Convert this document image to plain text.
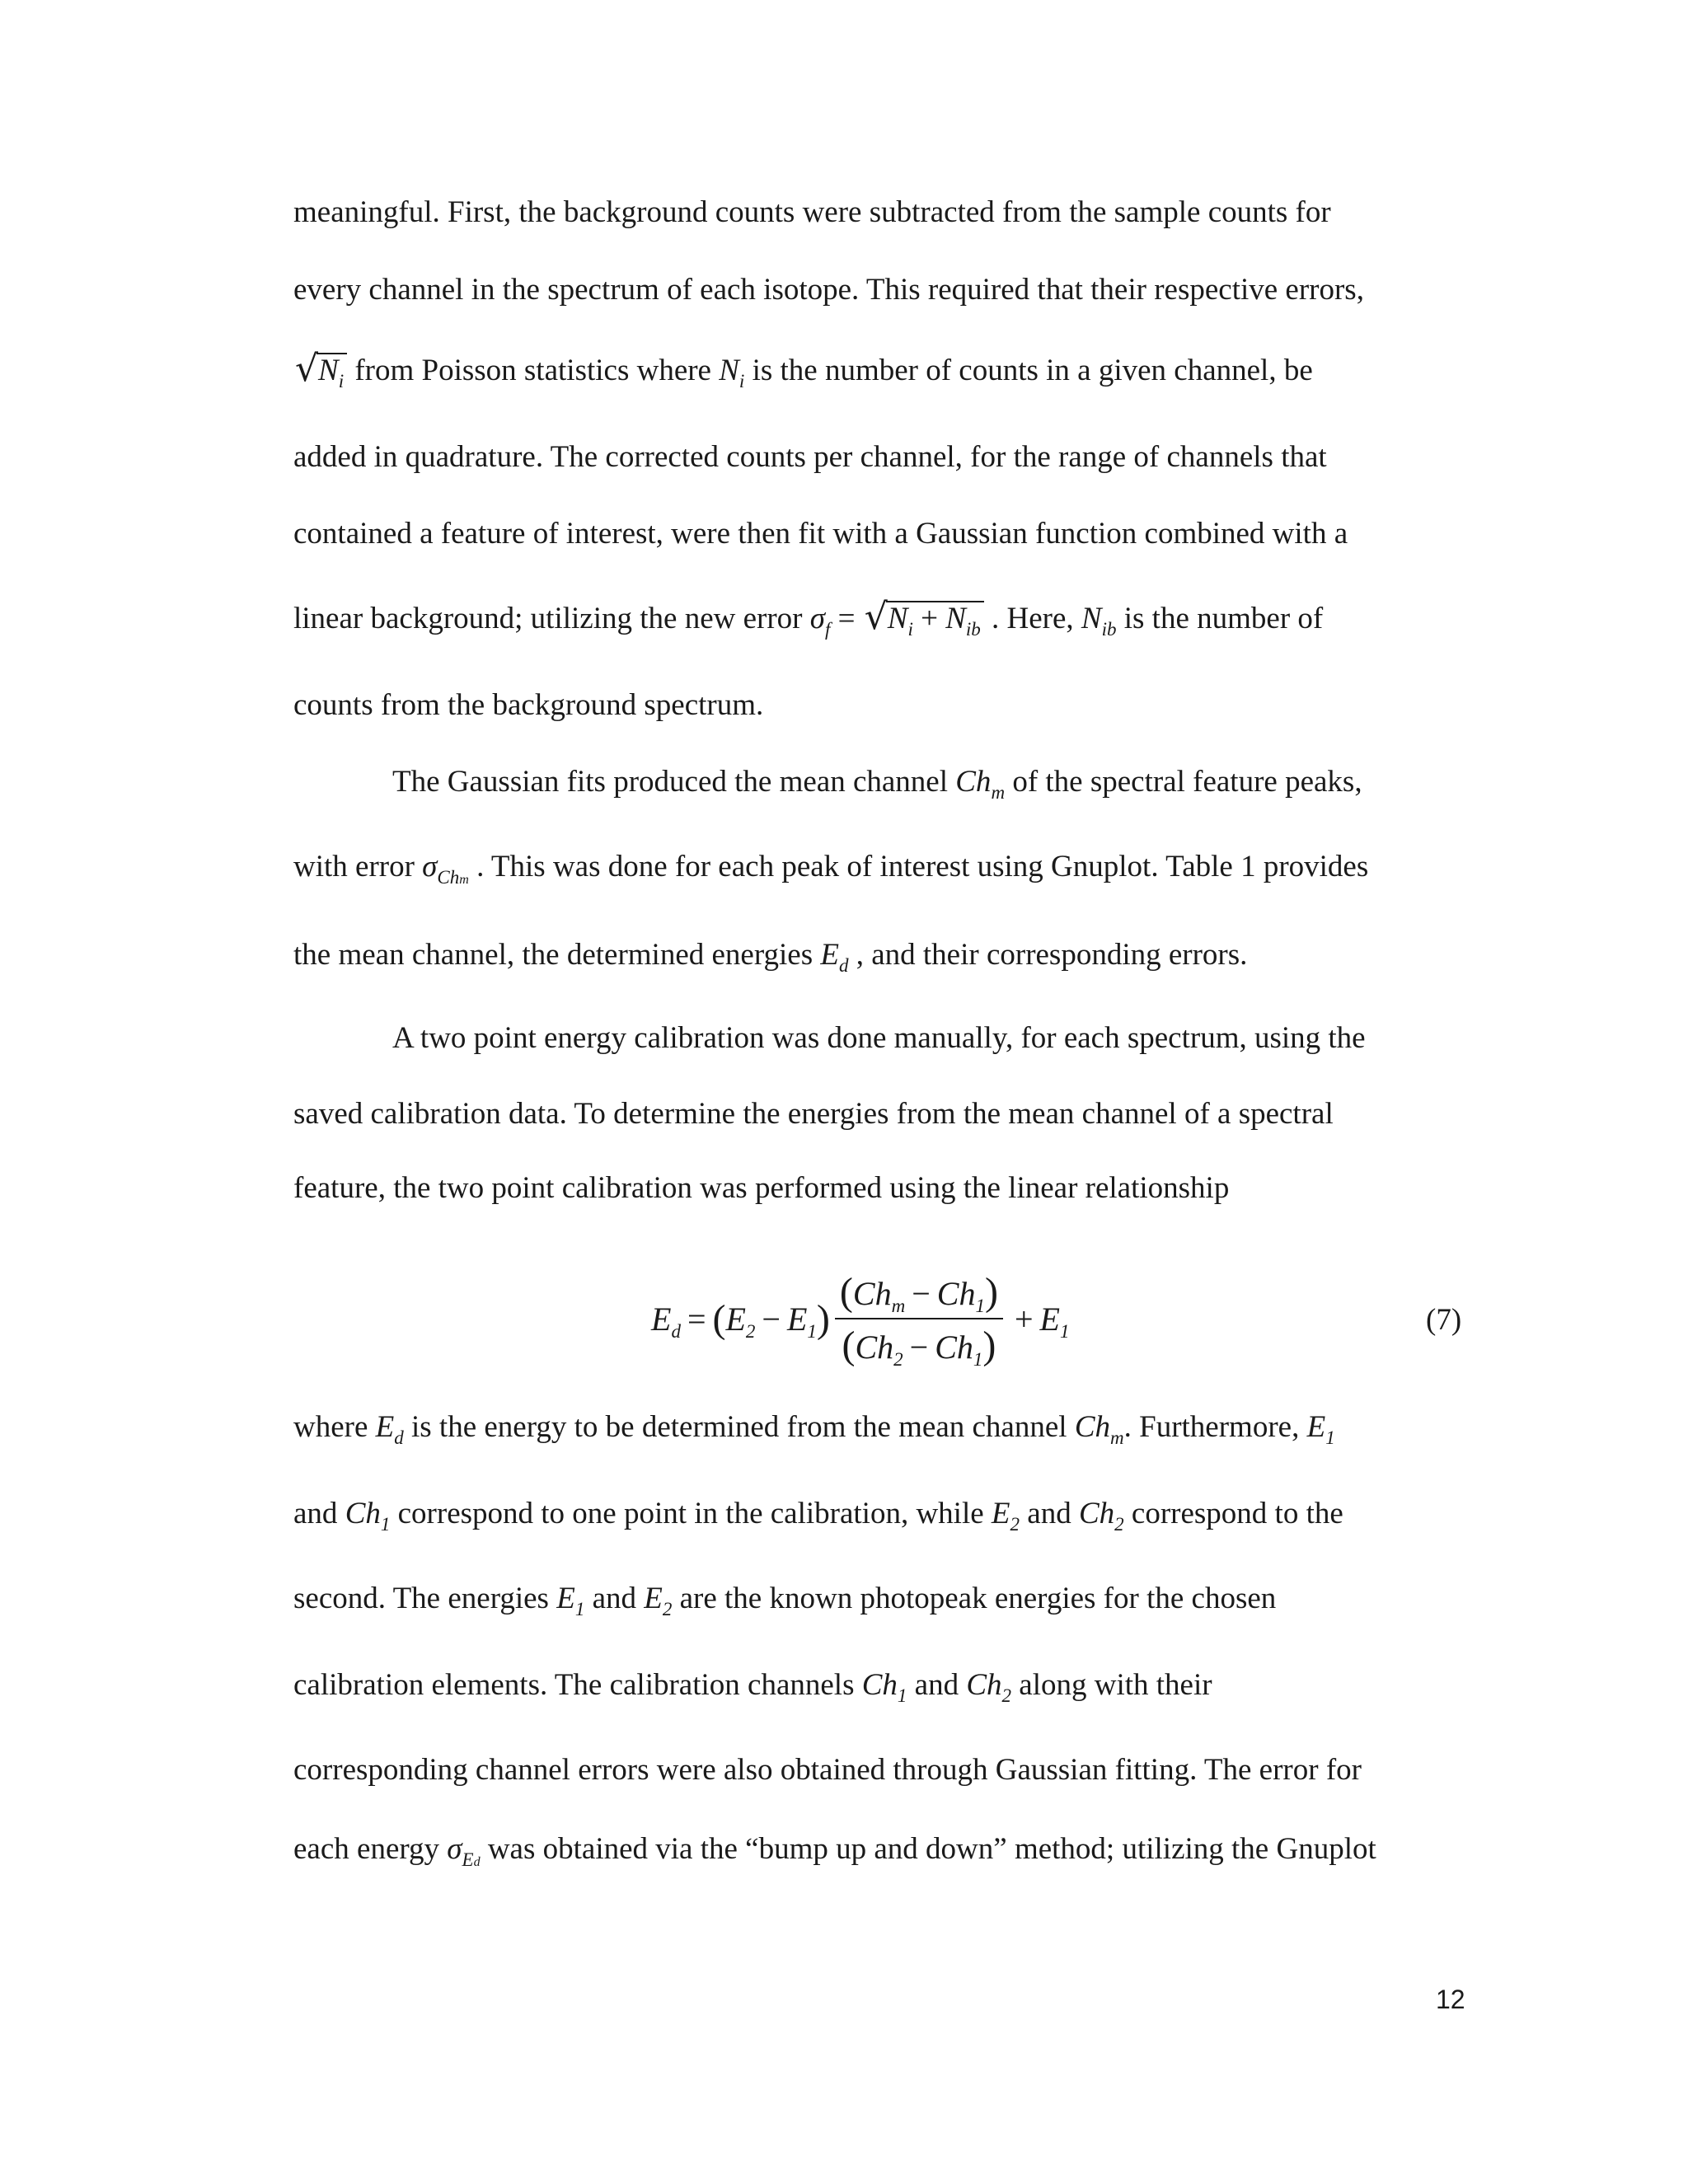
meaningful. First, the background counts were subtracted from the sample counts for
every channel in the spectrum of each isotope. This required that their respective errors,
√ $N_i$ from Poisson statistics where $N_i$ is the number of counts in a given channel, be
added in quadrature. The corrected counts per channel, for the range of channels that
contained a feature of interest, were then fit with a Gaussian function combined with a
linear background; utilizing the new error $\sigma_f$ = √ $N_i + N_{ib}$ . Here, $N_{ib}$ is the number of
counts from the background spectrum.
The Gaussian fits produced the mean channel $Ch_m$ of the spectral feature peaks,
with error $\sigma_{Chm}$ . This was done for each peak of interest using Gnuplot. Table 1 provides
the mean channel, the determined energies $E_d$ , and their corresponding errors.
A two point energy calibration was done manually, for each spectrum, using the
saved calibration data. To determine the energies from the mean channel of a spectral
feature, the two point calibration was performed using the linear relationship
$E_d$ = ( $E_2 - E_1$ ) $\frac{(Ch_m - Ch_1)}{(Ch_2 - Ch_1)} + E_1$	(7)
where $E_d$ is the energy to be determined from the mean channel $Ch_m$. Furthermore, $E_1$
and $Ch_1$ correspond to one point in the calibration, while $E_2$ and $Ch_2$ correspond to the
second. The energies $E_1$ and $E_2$ are the known photopeak energies for the chosen
calibration elements. The calibration channels $Ch_1$ and $Ch_2$ along with their
corresponding channel errors were also obtained through Gaussian fitting. The error for
each energy $\sigma_{Ed}$ was obtained via the “bump up and down” method; utilizing the Gnuplot
12
